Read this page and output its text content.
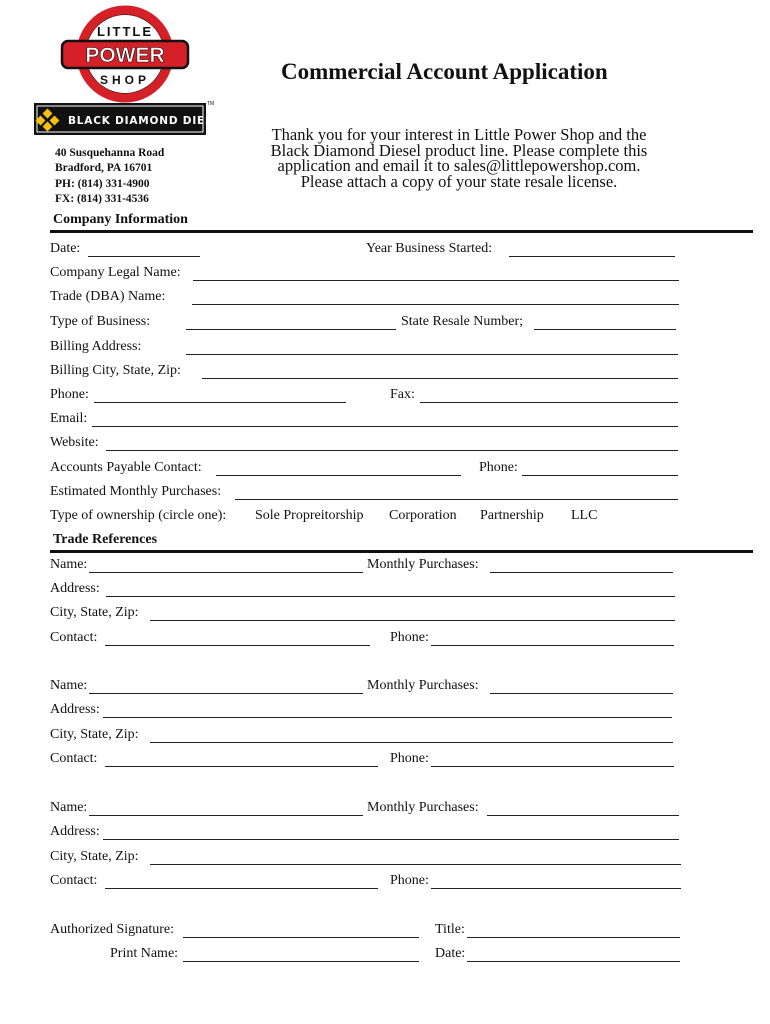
LITTLE
POWER
SHOP
BLACK DIAMOND DIESEL
TM
Commercial Account Application
40 Susquehanna Road
Bradford, PA 16701
PH: (814) 331-4900
FX: (814) 331-4536
Thank you for your interest in Little Power Shop and the
Black Diamond Diesel product line. Please complete this
application and email it to sales@littlepowershop.com.
Please attach a copy of your state resale license.
Company Information
Date:	Year Business Started:
Company Legal Name:
Trade (DBA) Name:
Type of Business:	State Resale Number;
Billing Address:
Billing City, State, Zip:
Phone:	Fax:
Email:
Website:
Accounts Payable Contact:	Phone:
Estimated Monthly Purchases:
Type of ownership (circle one): Sole Propreitorship Corporation Partnership LLC
Trade References
Name:	Monthly Purchases:
Address:
City, State, Zip:
Contact:	Phone:
Name:	Monthly Purchases:
Address:
City, State, Zip:
Contact:	Phone:
Name:	Monthly Purchases:
Address:
City, State, Zip:
Contact:	Phone:
Authorized Signature:	Title:
Print Name:	Date:
